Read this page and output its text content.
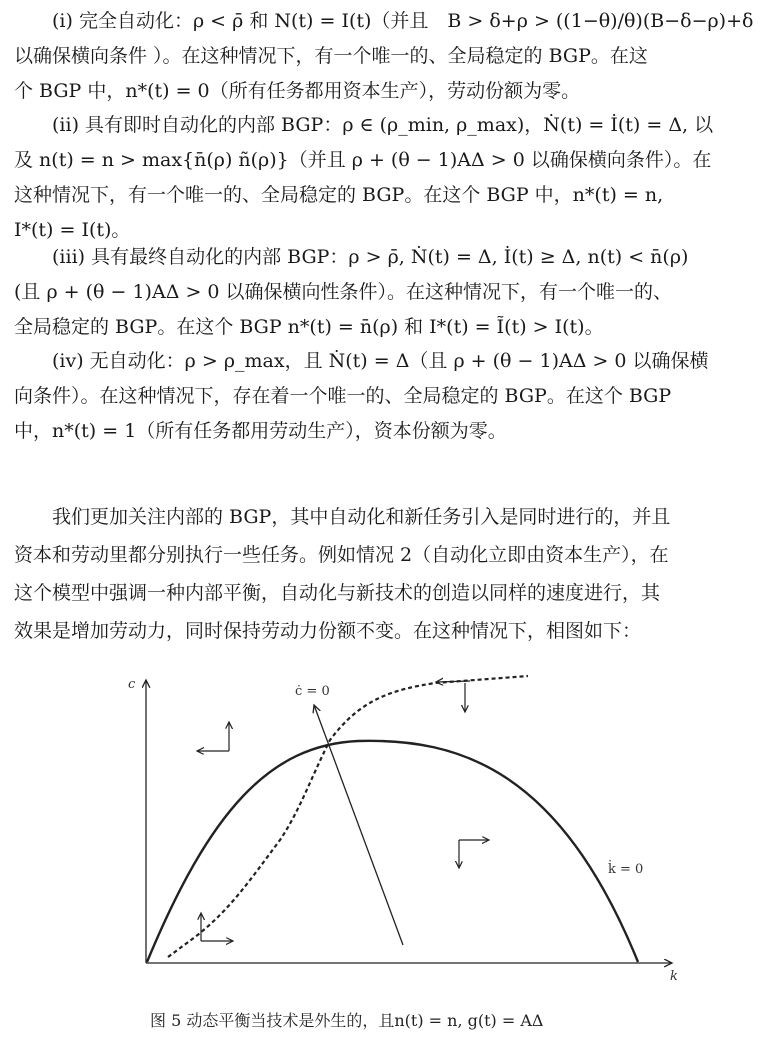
(i) 完全自动化：ρ < ρ̄ 和 N(t) = I(t)（并且　B > δ+ρ > ((1−θ)/θ)(B−δ−ρ)+δ
以确保横向条件 ）。在这种情况下，有一个唯一的、全局稳定的 BGP。在这
个 BGP 中，n*(t) = 0（所有任务都用资本生产），劳动份额为零。
(ii) 具有即时自动化的内部 BGP：ρ ∈ (ρ_min, ρ_max)，Ṅ(t) = İ(t) = Δ, 以
及 n(t) = n > max{n̄(ρ) ñ(ρ)}（并且 ρ + (θ − 1)AΔ > 0 以确保横向条件）。在
这种情况下，有一个唯一的、全局稳定的 BGP。在这个 BGP 中，n*(t) = n,
I*(t) = I(t)。
(iii) 具有最终自动化的内部 BGP：ρ > ρ̄, Ṅ(t) = Δ, İ(t) ≥ Δ, n(t) < n̄(ρ)
(且 ρ + (θ − 1)AΔ > 0 以确保横向性条件）。在这种情况下，有一个唯一的、
全局稳定的 BGP。在这个 BGP n*(t) = n̄(ρ) 和 I*(t) = Ĩ(t) > I(t)。
(iv) 无自动化：ρ > ρ_max，且 Ṅ(t) = Δ（且 ρ + (θ − 1)AΔ > 0 以确保横
向条件）。在这种情况下，存在着一个唯一的、全局稳定的 BGP。在这个 BGP
中，n*(t) = 1（所有任务都用劳动生产），资本份额为零。
我们更加关注内部的 BGP，其中自动化和新任务引入是同时进行的，并且
资本和劳动里都分别执行一些任务。例如情况 2（自动化立即由资本生产），在
这个模型中强调一种内部平衡，自动化与新技术的创造以同样的速度进行，其
效果是增加劳动力，同时保持劳动力份额不变。在这种情况下，相图如下：
c
k
k̇ = 0
ċ = 0
图 5 动态平衡当技术是外生的，且n(t) = n, g(t) = AΔ
